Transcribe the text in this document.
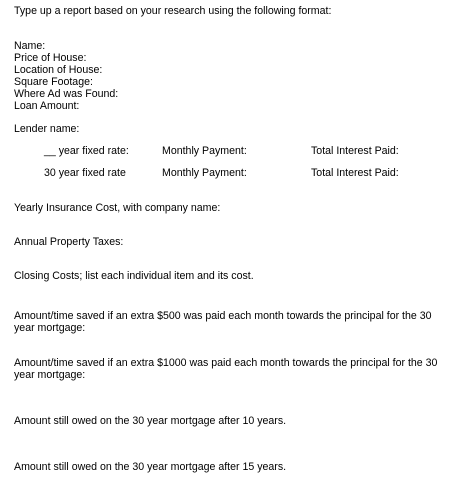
Type up a report based on your research using the following format:
Name:
Price of House:
Location of House:
Square Footage:
Where Ad was Found:
Loan Amount:
Lender name:
__ year fixed rate:	Monthly Payment:	Total Interest Paid:
30 year fixed rate	Monthly Payment:	Total Interest Paid:
Yearly Insurance Cost, with company name:
Annual Property Taxes:
Closing Costs; list each individual item and its cost.
Amount/time saved if an extra $500 was paid each month towards the principal for the 30 year mortgage:
Amount/time saved if an extra $1000 was paid each month towards the principal for the 30 year mortgage:
Amount still owed on the 30 year mortgage after 10 years.
Amount still owed on the 30 year mortgage after 15 years.
